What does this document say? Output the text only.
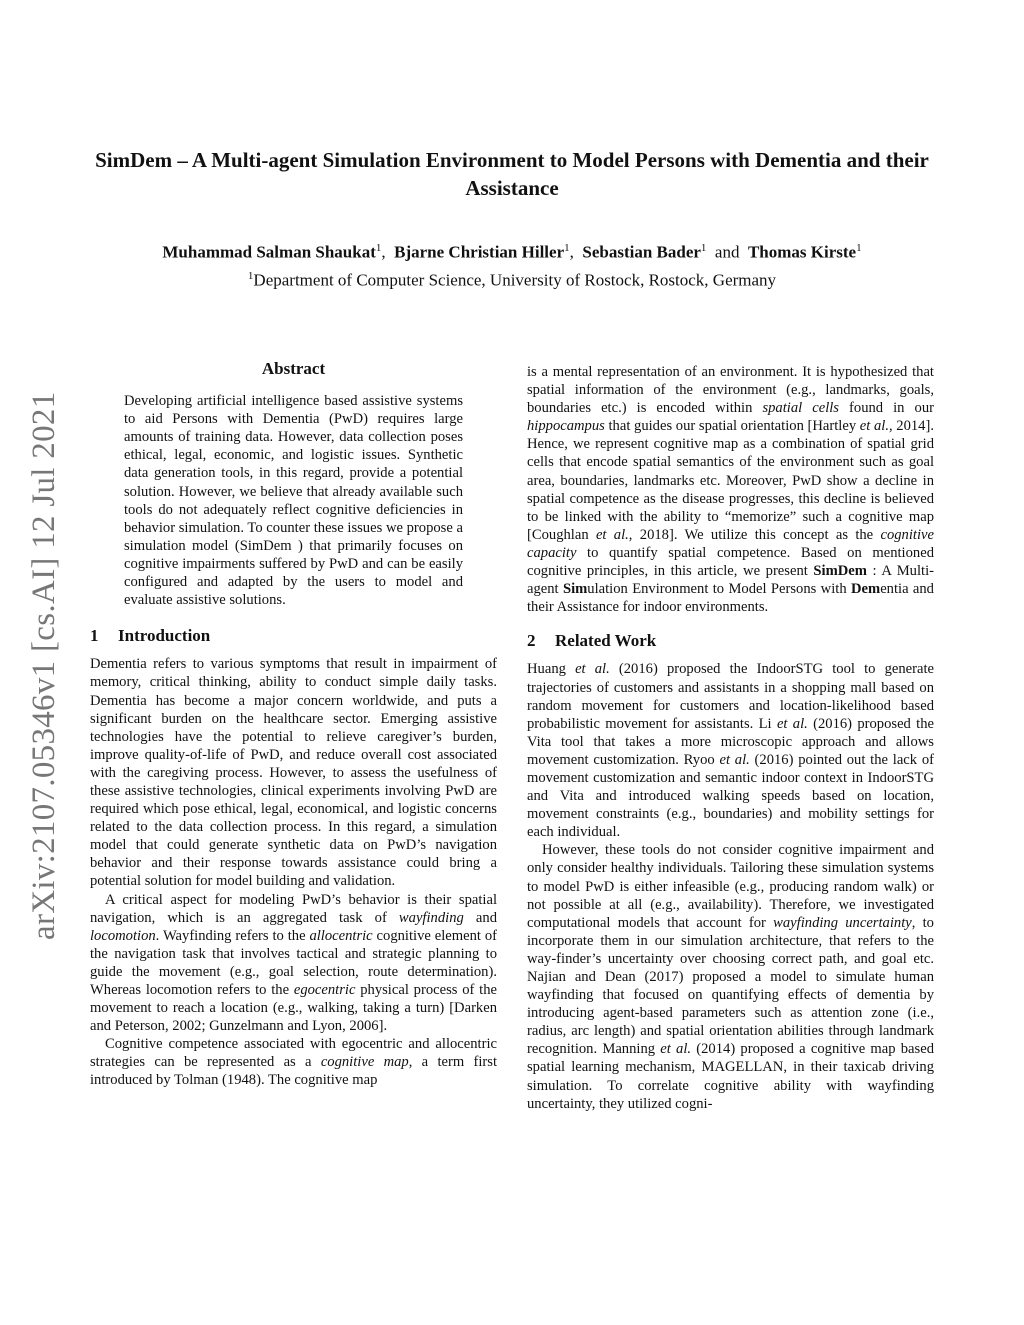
SimDem – A Multi-agent Simulation Environment to Model Persons with Dementia and their Assistance
Muhammad Salman Shaukat$^1$, Bjarne Christian Hiller$^1$, Sebastian Bader$^1$ and Thomas Kirste$^1$
$^1$Department of Computer Science, University of Rostock, Rostock, Germany
arXiv:2107.05346v1 [cs.AI] 12 Jul 2021
Abstract

Developing artificial intelligence based assistive systems to aid Persons with Dementia (PwD) requires large amounts of training data. However, data collection poses ethical, legal, economic, and logistic issues. Synthetic data generation tools, in this regard, provide a potential solution. However, we believe that already available such tools do not adequately reflect cognitive deficiencies in behavior simulation. To counter these issues we propose a simulation model (SimDem ) that primarily focuses on cognitive impairments suffered by PwD and can be easily configured and adapted by the users to model and evaluate assistive solutions.

1 Introduction

Dementia refers to various symptoms that result in impairment of memory, critical thinking, ability to conduct simple daily tasks. Dementia has become a major concern worldwide, and puts a significant burden on the healthcare sector. Emerging assistive technologies have the potential to relieve caregiver’s burden, improve quality-of-life of PwD, and reduce overall cost associated with the caregiving process. However, to assess the usefulness of these assistive technologies, clinical experiments involving PwD are required which pose ethical, legal, economical, and logistic concerns related to the data collection process. In this regard, a simulation model that could generate synthetic data on PwD’s navigation behavior and their response towards assistance could bring a potential solution for model building and validation.

A critical aspect for modeling PwD’s behavior is their spatial navigation, which is an aggregated task of wayfinding and locomotion. Wayfinding refers to the allocentric cognitive element of the navigation task that involves tactical and strategic planning to guide the movement (e.g., goal selection, route determination). Whereas locomotion refers to the egocentric physical process of the movement to reach a location (e.g., walking, taking a turn) [Darken and Peterson, 2002; Gunzelmann and Lyon, 2006].

Cognitive competence associated with egocentric and allocentric strategies can be represented as a cognitive map, a term first introduced by Tolman (1948). The cognitive map

is a mental representation of an environment. It is hypothesized that spatial information of the environment (e.g., landmarks, goals, boundaries etc.) is encoded within spatial cells found in our hippocampus that guides our spatial orientation [Hartley et al., 2014]. Hence, we represent cognitive map as a combination of spatial grid cells that encode spatial semantics of the environment such as goal area, boundaries, landmarks etc. Moreover, PwD show a decline in spatial competence as the disease progresses, this decline is believed to be linked with the ability to “memorize” such a cognitive map [Coughlan et al., 2018]. We utilize this concept as the cognitive capacity to quantify spatial competence. Based on mentioned cognitive principles, in this article, we present SimDem : A Multi-agent Simulation Environment to Model Persons with Dementia and their Assistance for indoor environments.

2 Related Work

Huang et al. (2016) proposed the IndoorSTG tool to generate trajectories of customers and assistants in a shopping mall based on random movement for customers and location-likelihood based probabilistic movement for assistants. Li et al. (2016) proposed the Vita tool that takes a more microscopic approach and allows movement customization. Ryoo et al. (2016) pointed out the lack of movement customization and semantic indoor context in IndoorSTG and Vita and introduced walking speeds based on location, movement constraints (e.g., boundaries) and mobility settings for each individual.

However, these tools do not consider cognitive impairment and only consider healthy individuals. Tailoring these simulation systems to model PwD is either infeasible (e.g., producing random walk) or not possible at all (e.g., availability). Therefore, we investigated computational models that account for wayfinding uncertainty, to incorporate them in our simulation architecture, that refers to the way-finder’s uncertainty over choosing correct path, and goal etc. Najian and Dean (2017) proposed a model to simulate human wayfinding that focused on quantifying effects of dementia by introducing agent-based parameters such as attention zone (i.e., radius, arc length) and spatial orientation abilities through landmark recognition. Manning et al. (2014) proposed a cognitive map based spatial learning mechanism, MAGELLAN, in their taxicab driving simulation. To correlate cognitive ability with wayfinding uncertainty, they utilized cogni-
